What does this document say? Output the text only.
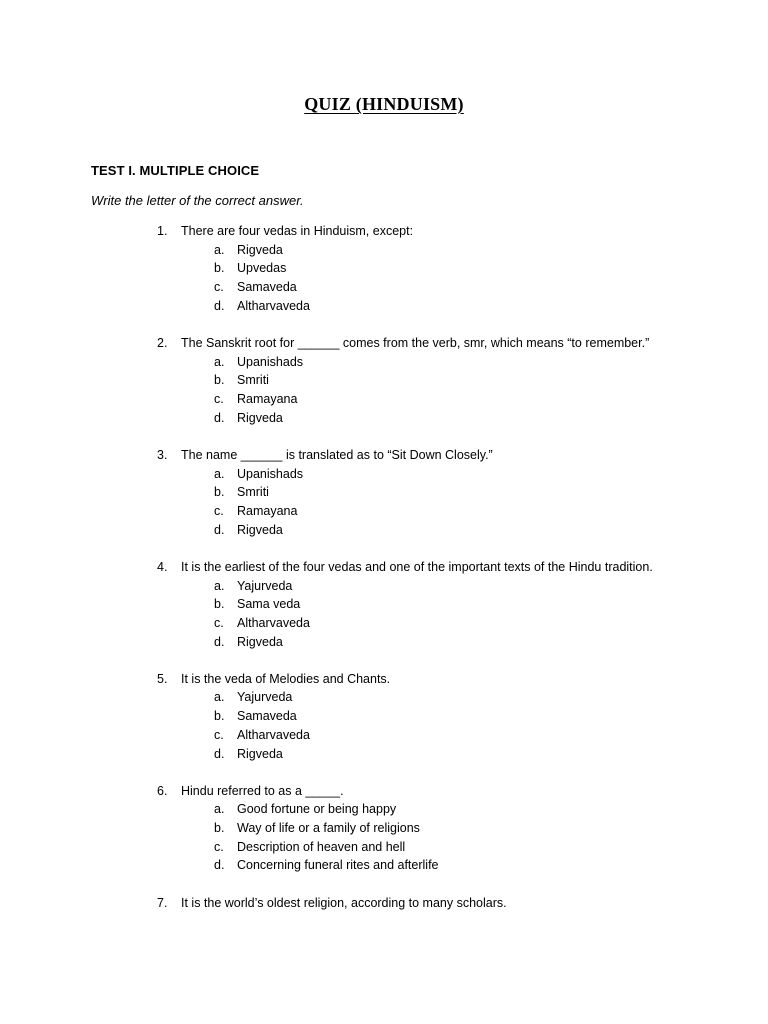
QUIZ (HINDUISM)
TEST I. MULTIPLE CHOICE
Write the letter of the correct answer.
1.	There are four vedas in Hinduism, except:
a.	Rigveda
b.	Upvedas
c.	Samaveda
d.	Altharvaveda
2.	The Sanskrit root for ______ comes from the verb, smr, which means “to remember.”
a.	Upanishads
b.	Smriti
c.	Ramayana
d.	Rigveda
3.	The name ______ is translated as to “Sit Down Closely.”
a.	Upanishads
b.	Smriti
c.	Ramayana
d.	Rigveda
4.	It is the earliest of the four vedas and one of the important texts of the Hindu tradition.
a.	Yajurveda
b.	Sama veda
c.	Altharvaveda
d.	Rigveda
5.	It is the veda of Melodies and Chants.
a.	Yajurveda
b.	Samaveda
c.	Altharvaveda
d.	Rigveda
6.	Hindu referred to as a _____.
a.	Good fortune or being happy
b.	Way of life or a family of religions
c.	Description of heaven and hell
d.	Concerning funeral rites and afterlife
7.	It is the world’s oldest religion, according to many scholars.
